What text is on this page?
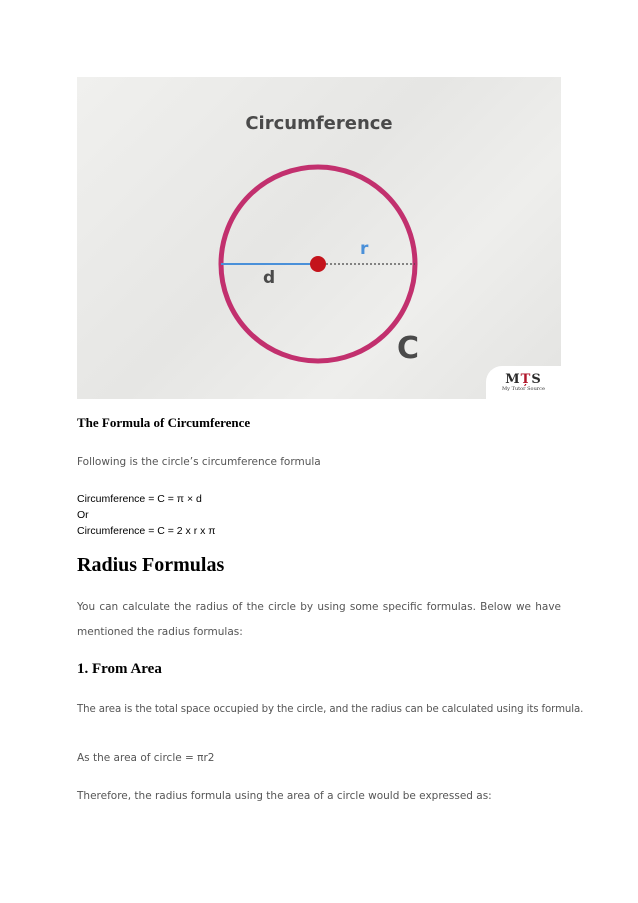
Circumference
r
d
C
MȚS
My Tutor Source
The Formula of Circumference

Following is the circle’s circumference formula

Circumference = C = π × d

Or

Circumference = C = 2 x r x π

Radius Formulas

You can calculate the radius of the circle by using some specific formulas. Below we have

mentioned the radius formulas:

1. From Area

The area is the total space occupied by the circle, and the radius can be calculated using its formula.

As the area of circle = πr2

Therefore, the radius formula using the area of a circle would be expressed as:
